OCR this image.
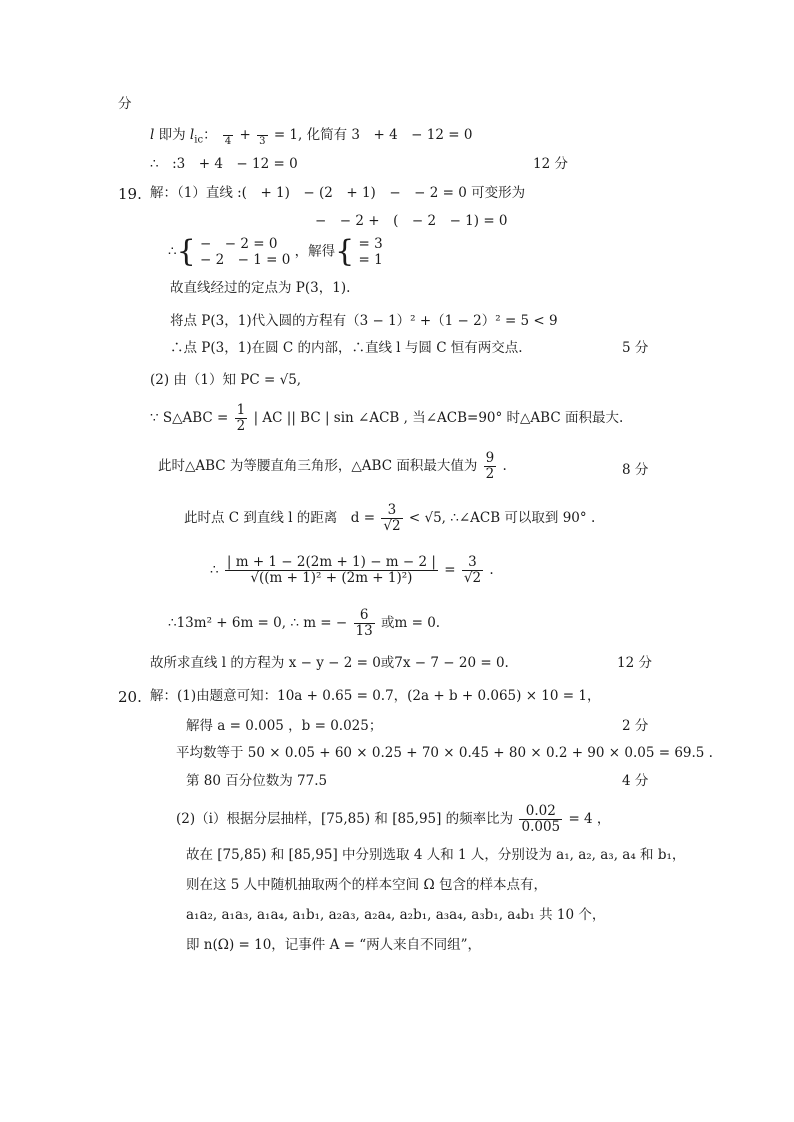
分
l 即为 $l_{ic}$：
4 +
3 = 1, 化简有 3　+ 4　− 12 = 0
∴　:3　+ 4　− 12 = 0	12 分
19. 解：（1）直线 :(　+ 1)　− (2　+ 1)　−　− 2 = 0 可变形为
−　− 2 +　(　− 2　− 1) = 0
∴{ −　− 2 = 0
− 2　− 1 = 0
，解得{ = 3
= 1
故直线经过的定点为 P(3，1).
将点 P(3，1)代入圆的方程有（3 − 1）² +（1 − 2）² = 5 < 9
∴点 P(3，1)在圆 C 的内部，∴直线 l 与圆 C 恒有两交点.	5 分
(2) 由（1）知 PC = √5,
∵ S△ABC = $\frac{1}{2}$ | AC || BC | sin ∠ACB , 当∠ACB=90° 时△ABC 面积最大.
此时△ABC 为等腰直角三角形，△ABC 面积最大值为 $\frac{9}{2}$ .	8 分
此时点 C 到直线 l 的距离　$d = \frac{3}{√2} < √5$, ∴∠ACB 可以取到 90° .
∴ $\frac{| m + 1 - 2(2m + 1) - m - 2 |}{\text{√((m + 1)² + (2m + 1)²)}} = \frac{3}{√2}$ .
∴13m² + 6m = 0, ∴ m = − $\frac{6}{13}$ 或m = 0.
故所求直线 l 的方程为 x − y − 2 = 0或7x − 7 − 20 = 0.	12 分
20. 解：(1)由题意可知：10a + 0.65 = 0.7，(2a + b + 0.065) × 10 = 1，
解得 a = 0.005 ，b = 0.025；	2 分
平均数等于 50 × 0.05 + 60 × 0.25 + 70 × 0.45 + 80 × 0.2 + 90 × 0.05 = 69.5 .
第 80 百分位数为 77.5	4 分
(2)（i）根据分层抽样，[75,85) 和 [85,95] 的频率比为 $\frac{0.02}{0.005} = 4$ ，
故在 [75,85) 和 [85,95] 中分别选取 4 人和 1 人，分别设为 a₁, a₂, a₃, a₄ 和 b₁，
则在这 5 人中随机抽取两个的样本空间 Ω 包含的样本点有，
a₁a₂, a₁a₃, a₁a₄, a₁b₁, a₂a₃, a₂a₄, a₂b₁, a₃a₄, a₃b₁, a₄b₁ 共 10 个，
即 n(Ω) = 10，记事件 A = “两人来自不同组”，
